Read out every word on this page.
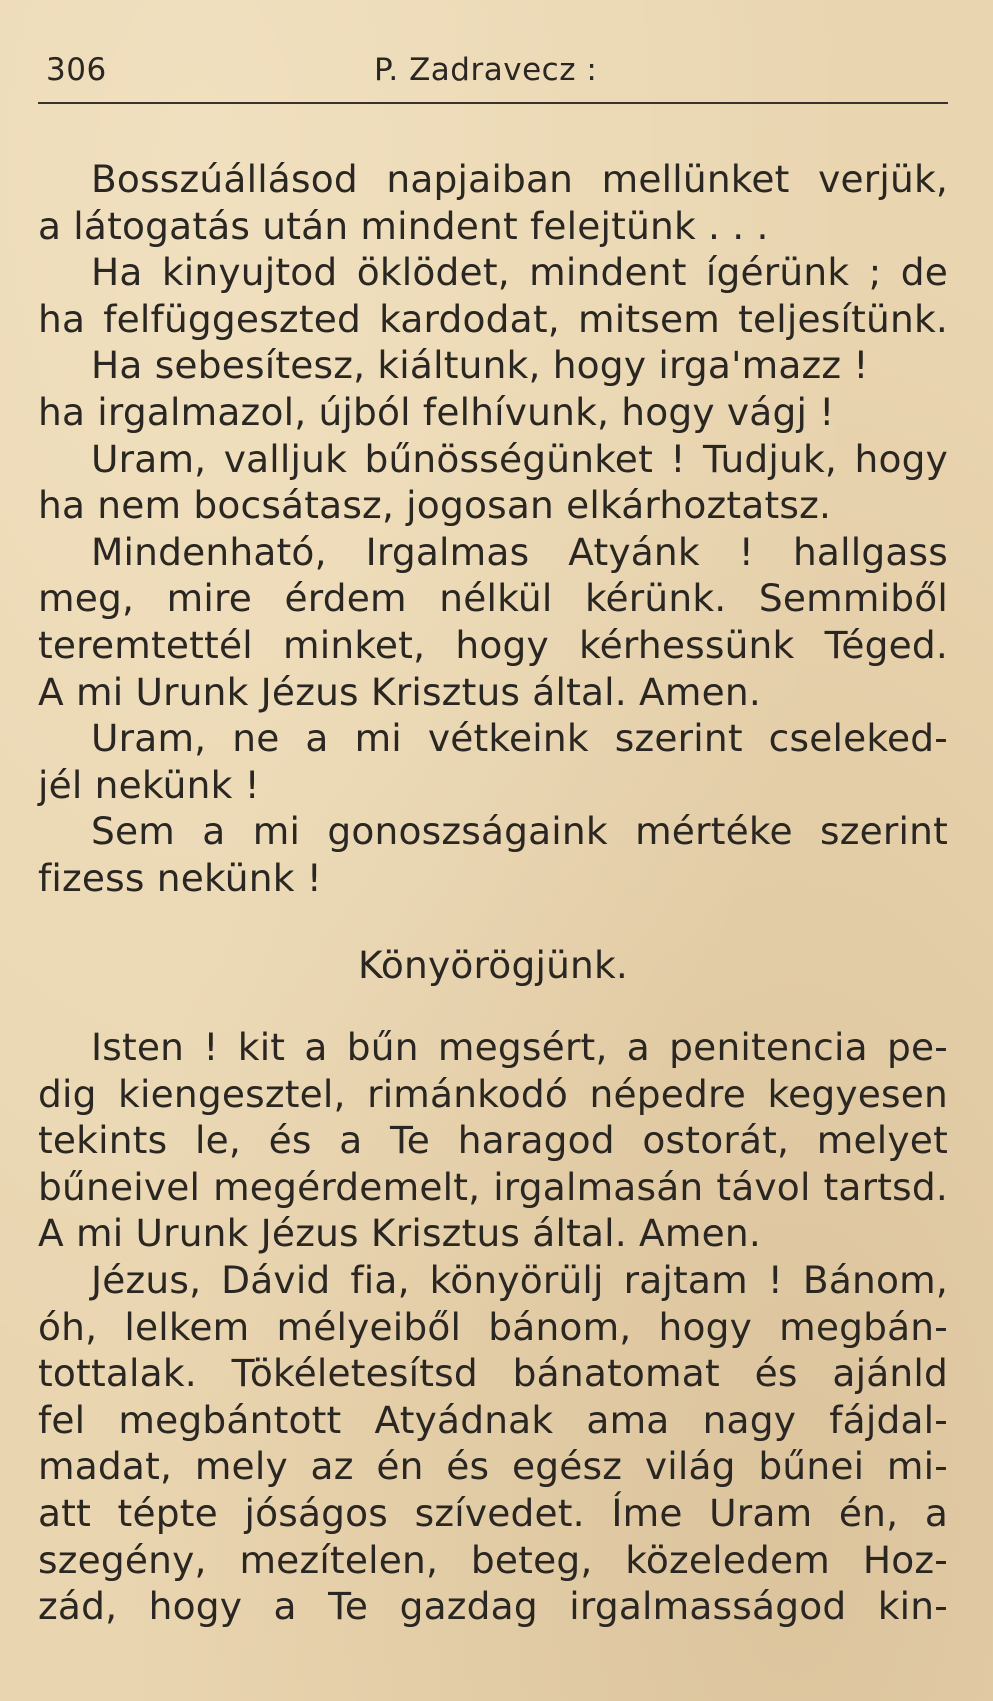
306	P. Zadravecz :
Bosszúállásod napjaiban mellünket verjük,
a látogatás után mindent felejtünk . . .
Ha kinyujtod öklödet, mindent ígérünk ; de
ha felfüggeszted kardodat, mitsem teljesítünk.
Ha sebesítesz, kiáltunk, hogy irga'mazz !
ha irgalmazol, újból felhívunk, hogy vágj !
Uram, valljuk bűnösségünket ! Tudjuk, hogy
ha nem bocsátasz, jogosan elkárhoztatsz.
Mindenható, Irgalmas Atyánk ! hallgass
meg, mire érdem nélkül kérünk. Semmiből
teremtettél minket, hogy kérhessünk Téged.
A mi Urunk Jézus Krisztus által. Amen.
Uram, ne a mi vétkeink szerint cseleked-
jél nekünk !
Sem a mi gonoszságaink mértéke szerint
fizess nekünk !
Könyörögjünk.
Isten ! kit a bűn megsért, a penitencia pe-
dig kiengesztel, rimánkodó népedre kegyesen
tekints le, és a Te haragod ostorát, melyet
bűneivel megérdemelt, irgalmasán távol tartsd.
A mi Urunk Jézus Krisztus által. Amen.
Jézus, Dávid fia, könyörülj rajtam ! Bánom,
óh, lelkem mélyeiből bánom, hogy megbán-
tottalak. Tökéletesítsd bánatomat és ajánld
fel megbántott Atyádnak ama nagy fájdal-
madat, mely az én és egész világ bűnei mi-
att tépte jóságos szívedet. Íme Uram én, a
szegény, mezítelen, beteg, közeledem Hoz-
zád, hogy a Te gazdag irgalmasságod kin-
